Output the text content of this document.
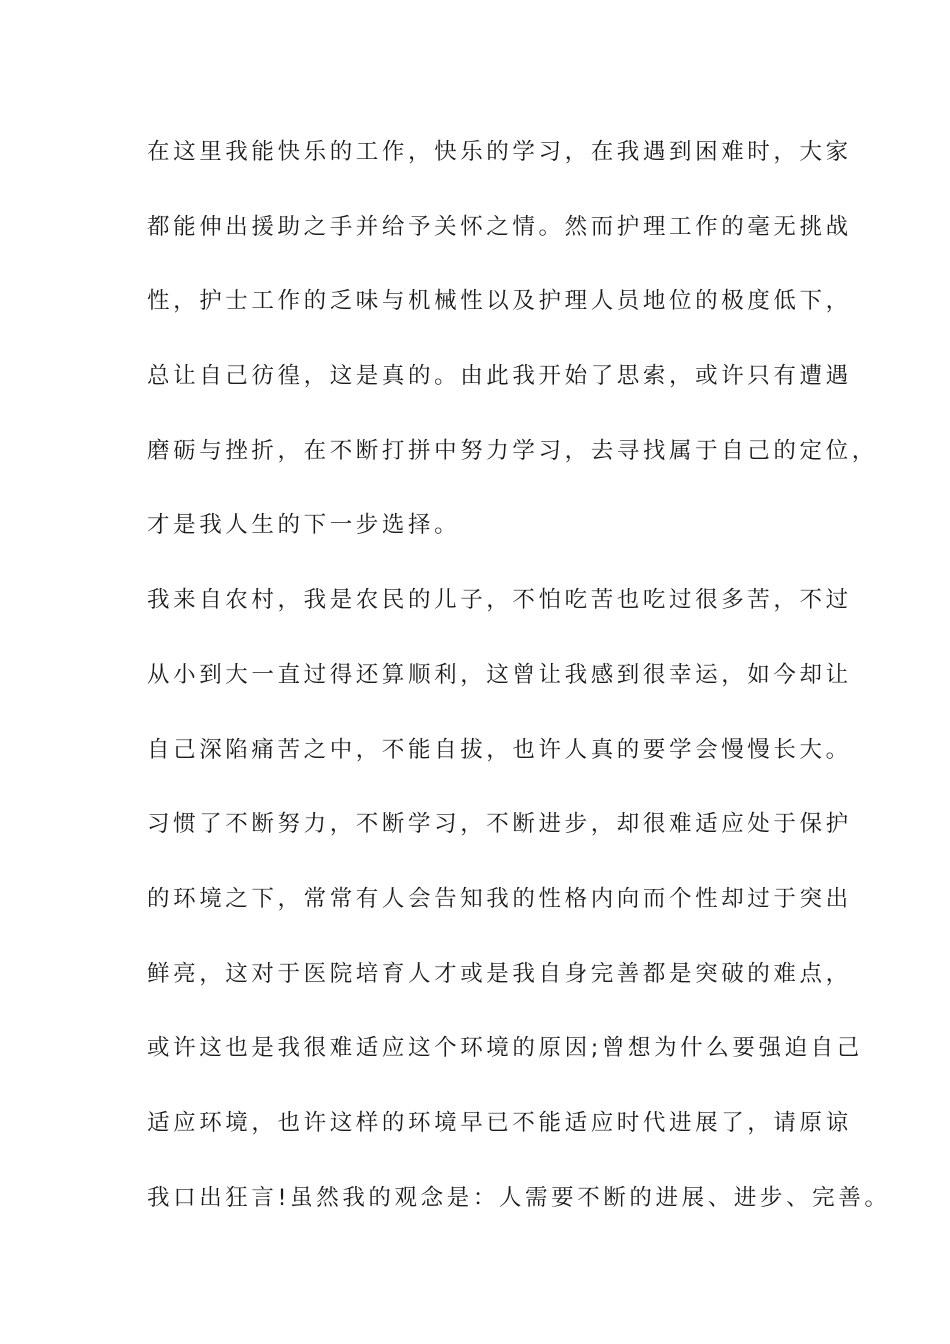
在这里我能快乐的工作，快乐的学习，在我遇到困难时，大家
都能伸出援助之手并给予关怀之情。然而护理工作的毫无挑战
性，护士工作的乏味与机械性以及护理人员地位的极度低下，
总让自己彷徨，这是真的。由此我开始了思索，或许只有遭遇
磨砺与挫折，在不断打拼中努力学习，去寻找属于自己的定位，
才是我人生的下一步选择。
我来自农村，我是农民的儿子，不怕吃苦也吃过很多苦，不过
从小到大一直过得还算顺利，这曾让我感到很幸运，如今却让
自己深陷痛苦之中，不能自拔，也许人真的要学会慢慢长大。
习惯了不断努力，不断学习，不断进步，却很难适应处于保护
的环境之下，常常有人会告知我的性格内向而个性却过于突出
鲜亮，这对于医院培育人才或是我自身完善都是突破的难点，
或许这也是我很难适应这个环境的原因;曾想为什么要强迫自己
适应环境，也许这样的环境早已不能适应时代进展了，请原谅
我口出狂言!虽然我的观念是：人需要不断的进展、进步、完善。
